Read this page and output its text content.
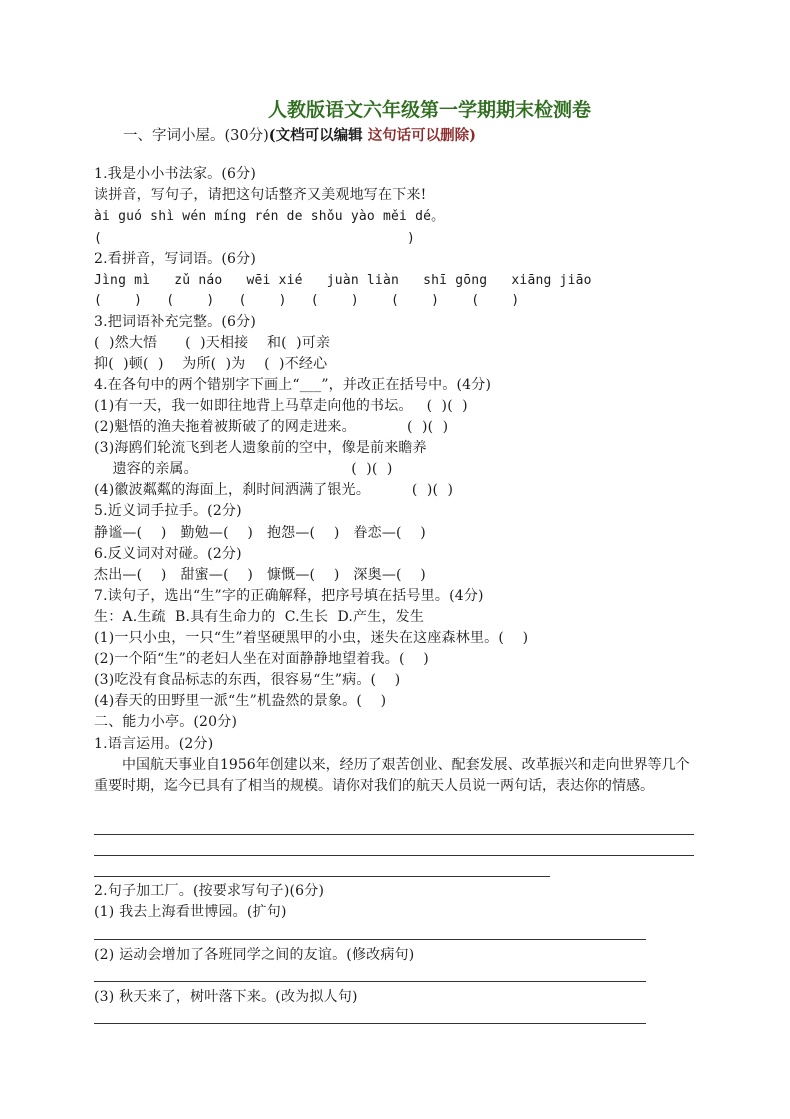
人教版语文六年级第一学期期末检测卷
一、字词小屋。(30分)(文档可以编辑 这句话可以删除)
1.我是小小书法家。(6分)
读拼音，写句子，请把这句话整齐又美观地写在下来!
ài guó shì wén míng rén de shǒu yào měi dé。
(                                      )
2.看拼音，写词语。(6分)
Jìng mì   zǔ náo   wēi xié   juàn liàn   shī gōng   xiāng jiāo
(    )   (    )   (    )   (    )    (    )    (    )
3.把词语补充完整。(6分)
(  )然大悟      (  )天相接    和(  )可亲
抑(  )顿(  )    为所(  )为    (  )不经心
4.在各句中的两个错别字下画上“___”，并改正在括号中。(4分)
(1)有一天，我一如即往地背上马草走向他的书坛。   (  )(  )
(2)魁悟的渔夫拖着被斯破了的网走进来。           (  )(  )
(3)海鸥们轮流飞到老人遗象前的空中，像是前来瞻养
遗容的亲属。                                 (  )(  )
(4)徽波粼粼的海面上，刹时间洒满了银光。         (  )(  )
5.近义词手拉手。(2分)
静谧—(    )   勤勉—(    )   抱怨—(    )   眷恋—(    )
6.反义词对对碰。(2分)
杰出—(    )   甜蜜—(    )   慷慨—(    )   深奥—(    )
7.读句子，选出“生”字的正确解释，把序号填在括号里。(4分)
生：A.生疏  B.具有生命力的  C.生长  D.产生，发生
(1)一只小虫，一只“生”着坚硬黑甲的小虫，迷失在这座森林里。(    )
(2)一个陌“生”的老妇人坐在对面静静地望着我。(    )
(3)吃没有食品标志的东西，很容易“生”病。(    )
(4)春天的田野里一派“生”机盎然的景象。(    )
二、能力小亭。(20分)
1.语言运用。(2分)
中国航天事业自1956年创建以来，经历了艰苦创业、配套发展、改革振兴和走向世界等几个重要时期，迄今已具有了相当的规模。请你对我们的航天人员说一两句话，表达你的情感。
2.句子加工厂。(按要求写句子)(6分)
(1) 我去上海看世博园。(扩句)
(2) 运动会增加了各班同学之间的友谊。(修改病句)
(3) 秋天来了，树叶落下来。(改为拟人句)
